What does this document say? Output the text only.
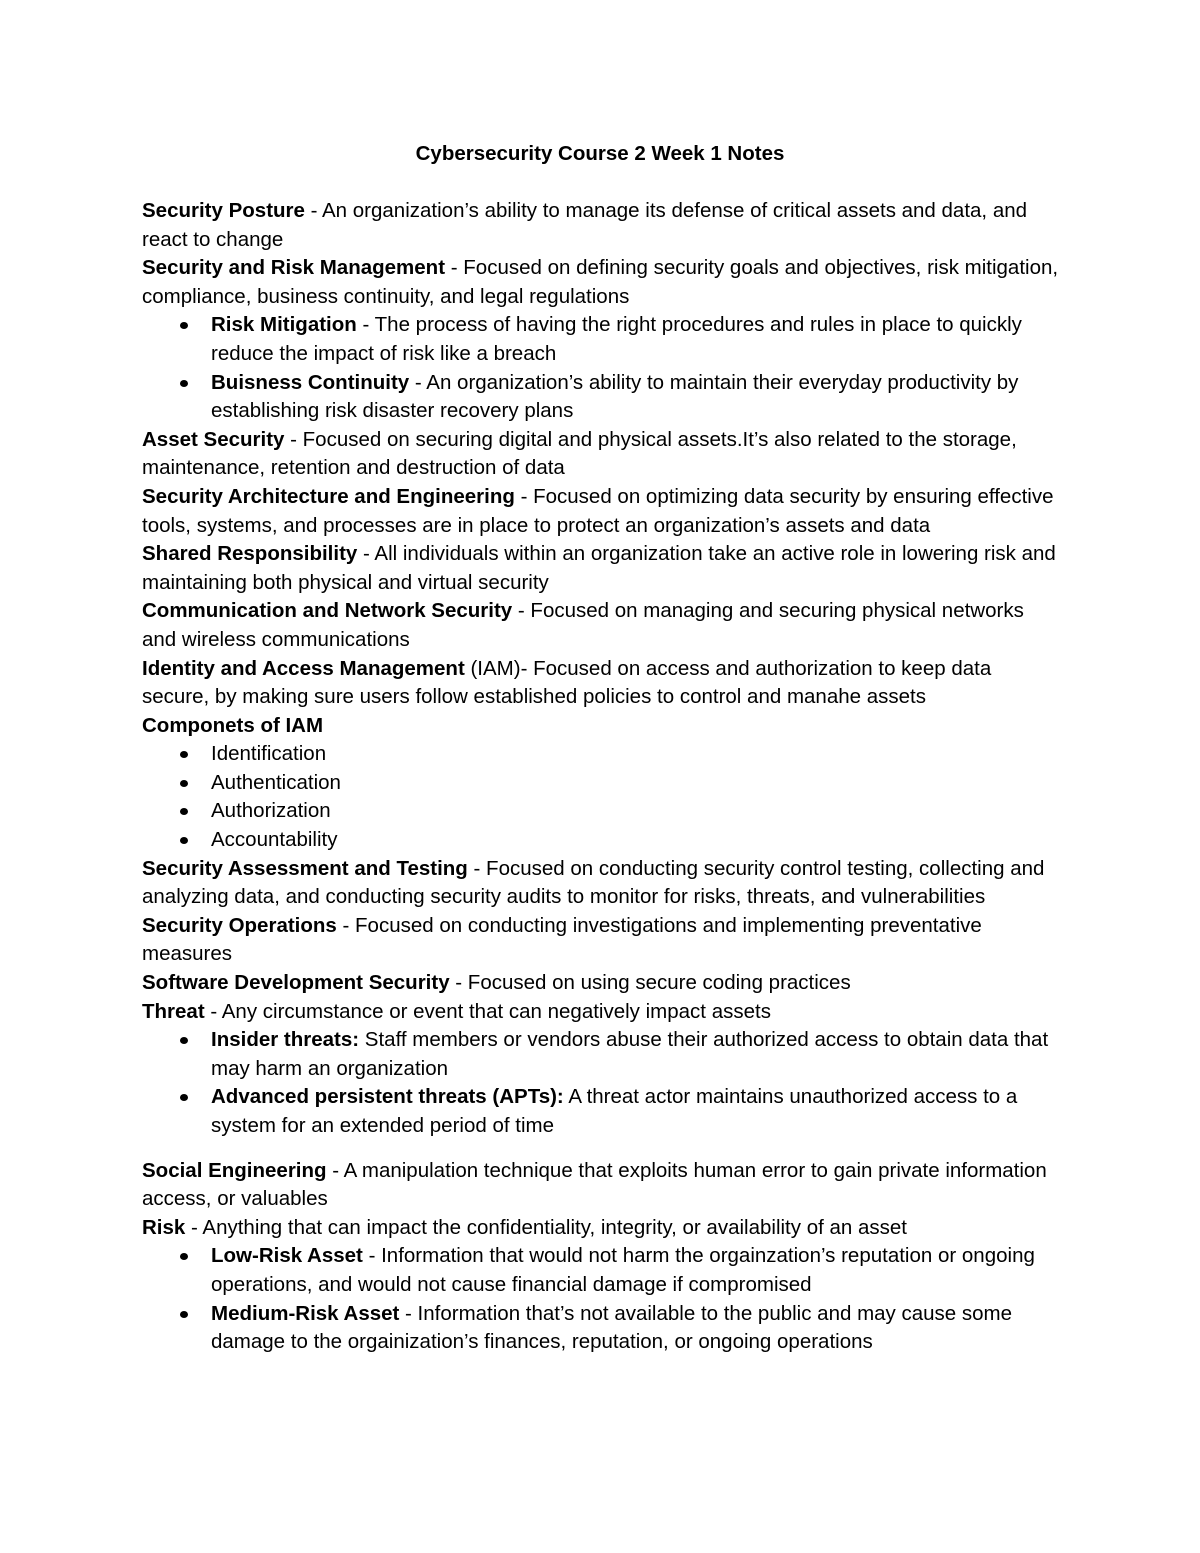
Cybersecurity Course 2 Week 1 Notes

Security Posture - An organization’s ability to manage its defense of critical assets and data, and react to change

Security and Risk Management - Focused on defining security goals and objectives, risk mitigation, compliance, business continuity, and legal regulations

Risk Mitigation - The process of having the right procedures and rules in place to quickly reduce the impact of risk like a breach
Buisness Continuity - An organization’s ability to maintain their everyday productivity by establishing risk disaster recovery plans

Asset Security - Focused on securing digital and physical assets.It’s also related to the storage, maintenance, retention and destruction of data

Security Architecture and Engineering - Focused on optimizing data security by ensuring effective tools, systems, and processes are in place to protect an organization’s assets and data

Shared Responsibility - All individuals within an organization take an active role in lowering risk and maintaining both physical and virtual security

Communication and Network Security - Focused on managing and securing physical networks and wireless communications

Identity and Access Management (IAM)- Focused on access and authorization to keep data secure, by making sure users follow established policies to control and manahe assets

Componets of IAM

Identification
Authentication
Authorization
Accountability

Security Assessment and Testing - Focused on conducting security control testing, collecting and analyzing data, and conducting security audits to monitor for risks, threats, and vulnerabilities

Security Operations - Focused on conducting investigations and implementing preventative measures

Software Development Security - Focused on using secure coding practices

Threat - Any circumstance or event that can negatively impact assets

Insider threats: Staff members or vendors abuse their authorized access to obtain data that may harm an organization
Advanced persistent threats (APTs): A threat actor maintains unauthorized access to a system for an extended period of time

Social Engineering - A manipulation technique that exploits human error to gain private information access, or valuables

Risk - Anything that can impact the confidentiality, integrity, or availability of an asset

Low-Risk Asset - Information that would not harm the orgainzation’s reputation or ongoing operations, and would not cause financial damage if compromised
Medium-Risk Asset - Information that’s not available to the public and may cause some damage to the orgainization’s finances, reputation, or ongoing operations
